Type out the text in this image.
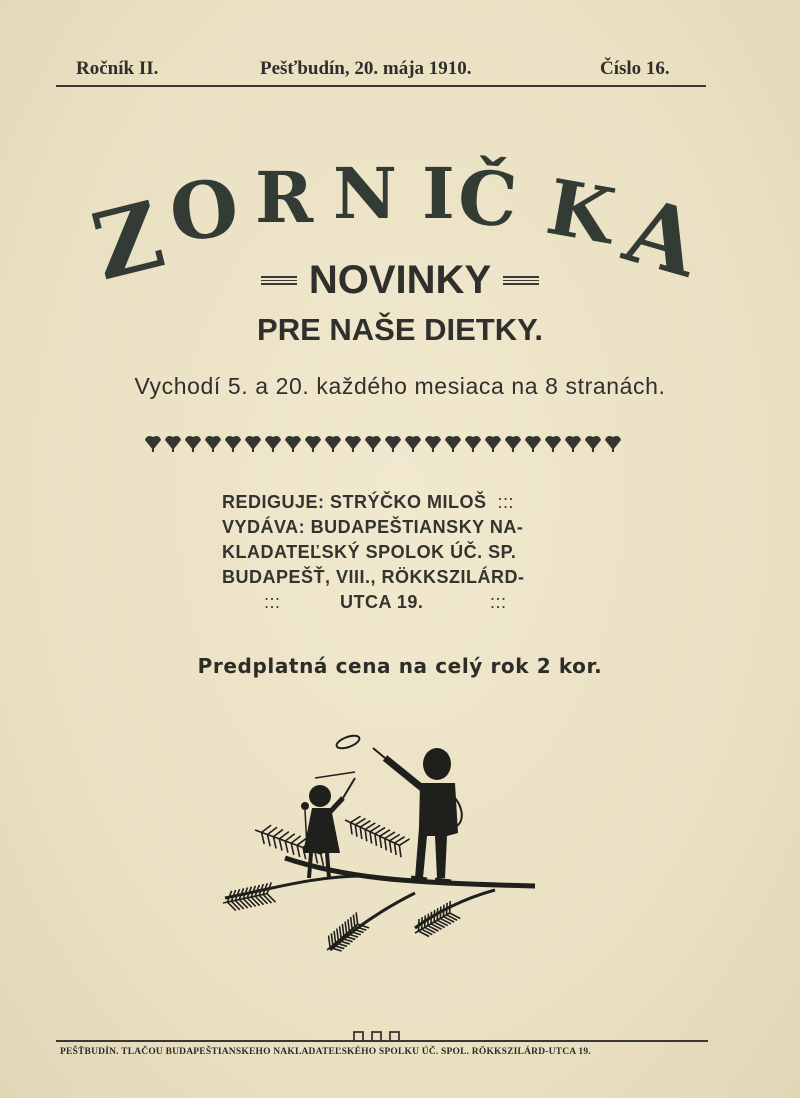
Ročník II.	Pešťbudín, 20. mája 1910.	Číslo 16.
Z
O R N I Č K
A
NOVINKY
PRE NAŠE DIETKY.
Vychodí 5. a 20. každého mesiaca na 8 stranách.
REDIGUJE: STRÝČKO MILOŠ :::
VYDÁVA: BUDAPEŠTIANSKY NA-
KLADATEĽSKÝ SPOLOK ÚČ. SP.
BUDAPEŠŤ, VIII., RÖKKSZILÁRD-
:::	UTCA 19.	:::
Predplatná cena na celý rok 2 kor.
PEŠŤBUDÍN. TLAČOU BUDAPEŠTIANSKEHO NAKLADATEĽSKÉHO SPOLKU ÚČ. SPOL. RÖKKSZILÁRD-UTCA 19.
